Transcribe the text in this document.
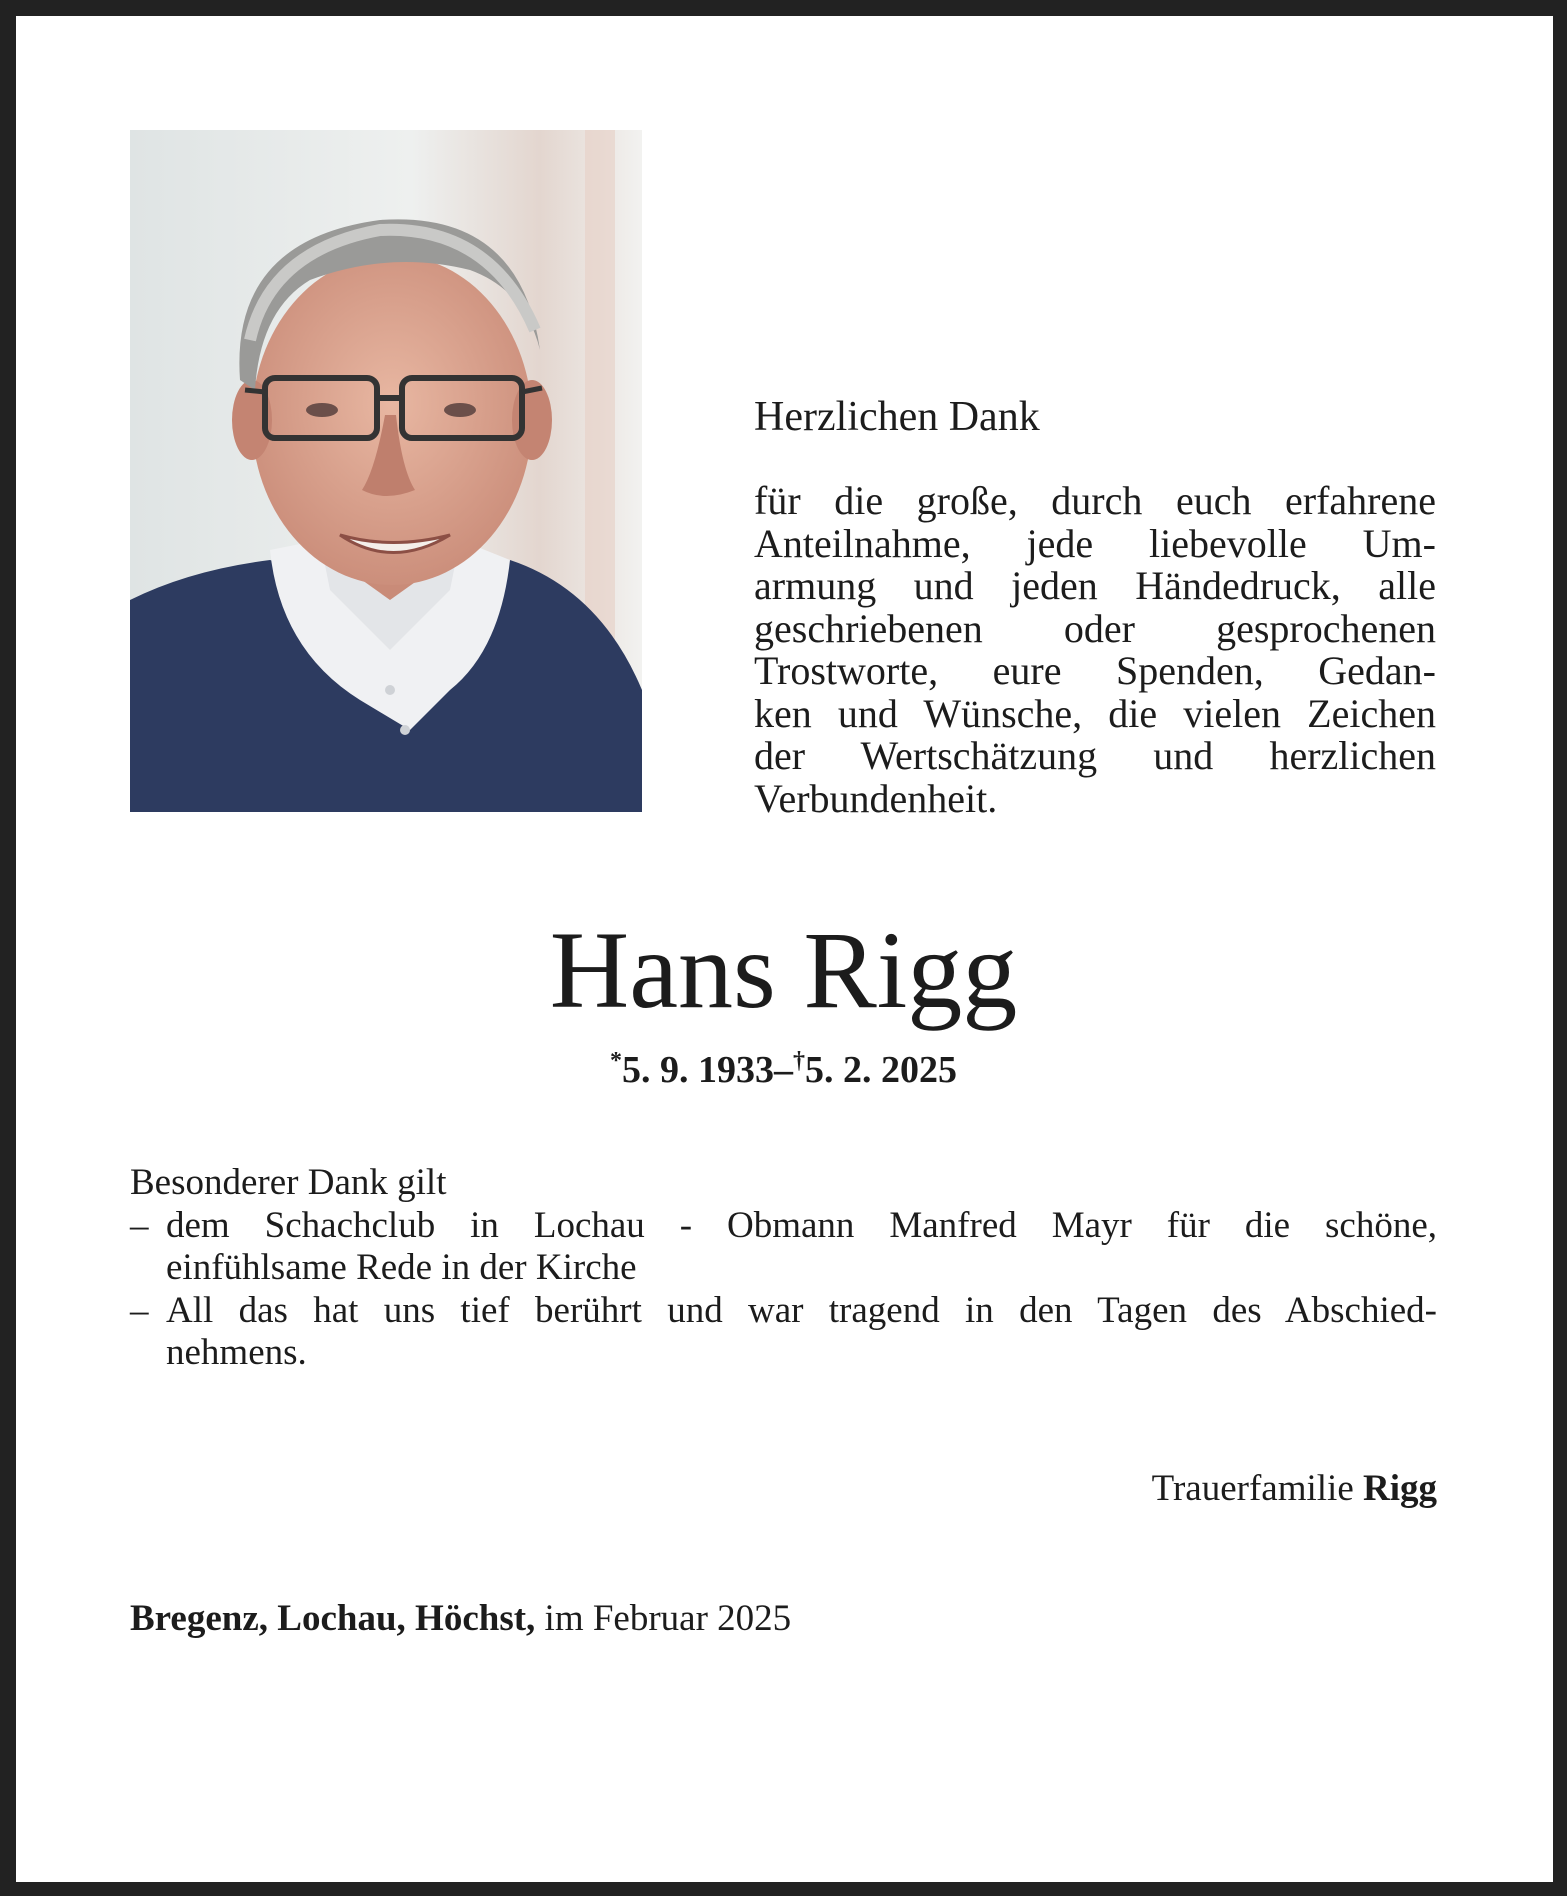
Herzlichen Dank

für die große, durch euch erfahrene
Anteilnahme, jede liebevolle Um-
armung und jeden Händedruck, alle
geschriebenen oder gesprochenen
Trostworte, eure Spenden, Gedan-
ken und Wünsche, die vielen Zeichen
der Wertschätzung und herzlichen
Verbundenheit.

Hans Rigg
*5. 9. 1933–†5. 2. 2025
Besonderer Dank gilt
– dem Schachclub in Lochau - Obmann Manfred Mayr für die schöne,
einfühlsame Rede in der Kirche
– All das hat uns tief berührt und war tragend in den Tagen des Abschied-
nehmens.
Trauerfamilie Rigg
Bregenz, Lochau, Höchst, im Februar 2025
